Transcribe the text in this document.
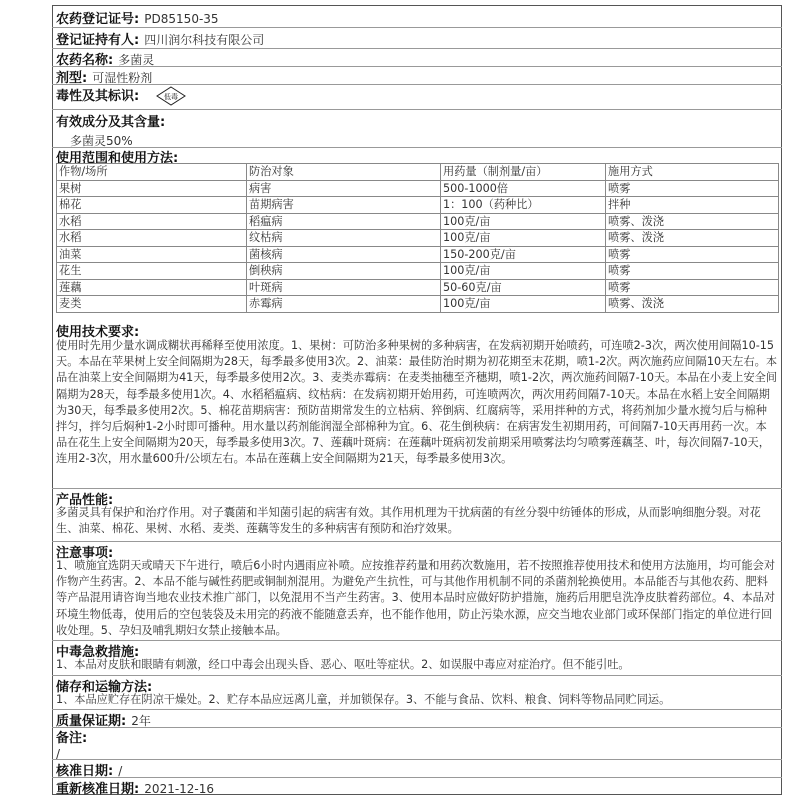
农药登记证号: PD85150-35
登记证持有人: 四川润尔科技有限公司
农药名称: 多菌灵
剂型: 可湿性粉剂
毒性及其标识:	低毒
有效成分及其含量:
多菌灵50%
使用范围和使用方法:
作物/场所	防治对象	用药量（制剂量/亩）	施用方式
果树	病害	500-1000倍	喷雾
棉花	苗期病害	1：100（药种比）	拌种
水稻	稻瘟病	100克/亩	喷雾、泼浇
水稻	纹枯病	100克/亩	喷雾、泼浇
油菜	菌核病	150-200克/亩	喷雾
花生	倒秧病	100克/亩	喷雾
莲藕	叶斑病	50-60克/亩	喷雾
麦类	赤霉病	100克/亩	喷雾、泼浇
使用技术要求:
使用时先用少量水调成糊状再稀释至使用浓度。1、果树：可防治多种果树的多种病害，在发病初期开始喷药，可连喷2-3次，两次使用间隔10-15天。本品在苹果树上安全间隔期为28天，每季最多使用3次。2、油菜：最佳防治时期为初花期至末花期，喷1-2次。两次施药应间隔10天左右。本品在油菜上安全间隔期为41天，每季最多使用2次。3、麦类赤霉病：在麦类抽穗至齐穗期，喷1-2次，两次施药间隔7-10天。本品在小麦上安全间隔期为28天，每季最多使用1次。4、水稻稻瘟病、纹枯病：在发病初期开始用药，可连喷两次，两次用药间隔7-10天。本品在水稻上安全间隔期为30天，每季最多使用2次。5、棉花苗期病害：预防苗期常发生的立枯病、猝倒病、红腐病等，采用拌种的方式，将药剂加少量水搅匀后与棉种拌匀，拌匀后焖种1-2小时即可播种。用水量以药剂能润湿全部棉种为宜。6、花生倒秧病：在病害发生初期用药，可间隔7-10天再用药一次。本品在花生上安全间隔期为20天，每季最多使用3次。7、莲藕叶斑病：在莲藕叶斑病初发前期采用喷雾法均匀喷雾莲藕茎、叶，每次间隔7-10天，连用2-3次，用水量600升/公顷左右。本品在莲藕上安全间隔期为21天，每季最多使用3次。
产品性能:
多菌灵具有保护和治疗作用。对子囊菌和半知菌引起的病害有效。其作用机理为干扰病菌的有丝分裂中纺锤体的形成，从而影响细胞分裂。对花生、油菜、棉花、果树、水稻、麦类、莲藕等发生的多种病害有预防和治疗效果。
注意事项:
1、喷施宜选阴天或晴天下午进行，喷后6小时内遇雨应补喷。应按推荐药量和用药次数施用，若不按照推荐使用技术和使用方法施用，均可能会对作物产生药害。2、本品不能与碱性药肥或铜制剂混用。为避免产生抗性，可与其他作用机制不同的杀菌剂轮换使用。本品能否与其他农药、肥料等产品混用请咨询当地农业技术推广部门，以免混用不当产生药害。3、使用本品时应做好防护措施，施药后用肥皂洗净皮肤着药部位。4、本品对环境生物低毒，使用后的空包装袋及未用完的药液不能随意丢弃，也不能作他用，防止污染水源，应交当地农业部门或环保部门指定的单位进行回收处理。5、孕妇及哺乳期妇女禁止接触本品。
中毒急救措施:
1、本品对皮肤和眼睛有刺激，经口中毒会出现头昏、恶心、呕吐等症状。2、如误服中毒应对症治疗。但不能引吐。
储存和运输方法:
1、本品应贮存在阴凉干燥处。2、贮存本品应远离儿童，并加锁保存。3、不能与食品、饮料、粮食、饲料等物品同贮同运。
质量保证期: 2年
备注:
/
核准日期: /
重新核准日期: 2021-12-16
